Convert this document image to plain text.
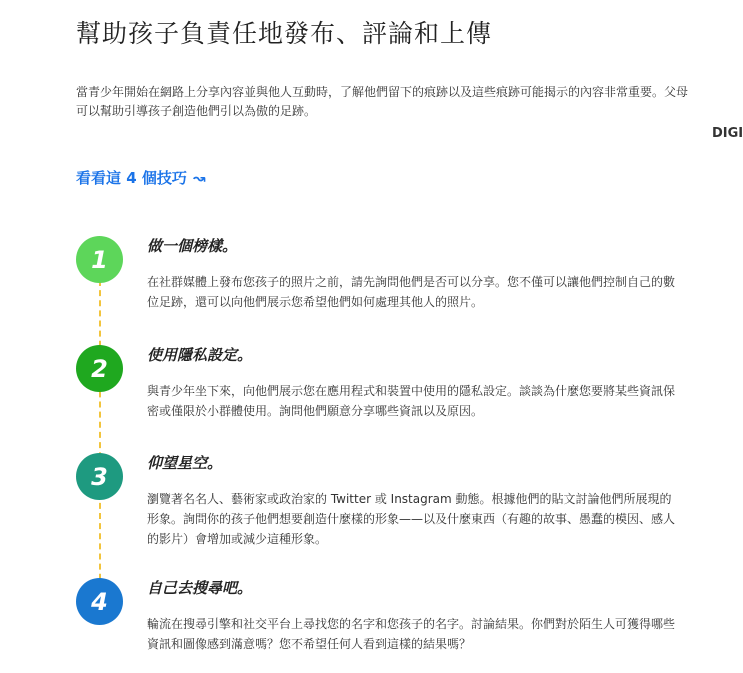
幫助孩子負責任地發布、評論和上傳
當青少年開始在網路上分享內容並與他人互動時，了解他們留下的痕跡以及這些痕跡可能揭示的內容非常重要。父母可以幫助引導孩子創造他們引以為傲的足跡。
DIGI
看看這 4 個技巧 ↝
1	做一個榜樣。

在社群媒體上發布您孩子的照片之前，請先詢問他們是否可以分享。您不僅可以讓他們控制自己的數位足跡，還可以向他們展示您希望他們如何處理其他人的照片。

2	使用隱私設定。

與青少年坐下來，向他們展示您在應用程式和裝置中使用的隱私設定。談談為什麼您要將某些資訊保密或僅限於小群體使用。詢問他們願意分享哪些資訊以及原因。

3	仰望星空。

瀏覽著名名人、藝術家或政治家的 Twitter 或 Instagram 動態。根據他們的貼文討論他們所展現的形象。詢問你的孩子他們想要創造什麼樣的形象——以及什麼東西（有趣的故事、愚蠢的模因、感人的影片）會增加或減少這種形象。

4	自己去搜尋吧。

輪流在搜尋引擎和社交平台上尋找您的名字和您孩子的名字。討論結果。你們對於陌生人可獲得哪些資訊和圖像感到滿意嗎？您不希望任何人看到這樣的結果嗎？
